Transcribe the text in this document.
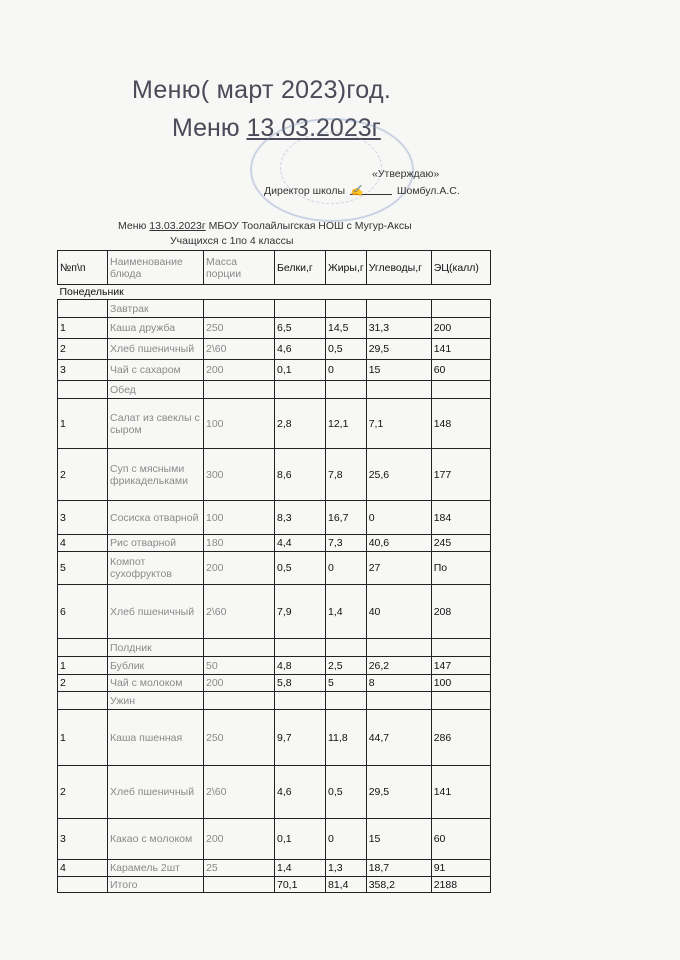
Меню( март 2023)год.
Меню 13.03.2023г
«Утверждаю»
Директор школы ✍	Шомбул.А.С.
Меню 13.03.2023г МБОУ Тоолайлыгская НОШ с Мугур-Аксы
Учащихся с 1по 4 классы
№п\п	Наименование блюда	Масса порции	Белки,г	Жиры,г	Углеводы,г	ЭЦ(калл)
Понедельник						
	Завтрак					
1	Каша дружба	250	6,5	14,5	31,3	200
2	Хлеб пшеничный	2\60	4,6	0,5	29,5	141
3	Чай с сахаром	200	0,1	0	15	60
	Обед					
1	Салат из свеклы с сыром	100	2,8	12,1	7,1	148
2	Суп с мясными фрикадельками	300	8,6	7,8	25,6	177
3	Сосиска отварной	100	8,3	16,7	0	184
4	Рис отварной	180	4,4	7,3	40,6	245
5	Компот сухофруктов	200	0,5	0	27	По
6	Хлеб пшеничный	2\60	7,9	1,4	40	208
	Полдник					
1	Бублик	50	4,8	2,5	26,2	147
2	Чай с молоком	200	5,8	5	8	100
	Ужин					
1	Каша пшенная	250	9,7	11,8	44,7	286
2	Хлеб пшеничный	2\60	4,6	0,5	29,5	141
3	Какао с молоком	200	0,1	0	15	60
4	Карамель 2шт	25	1,4	1,3	18,7	91
	Итого		70,1	81,4	358,2	2188
